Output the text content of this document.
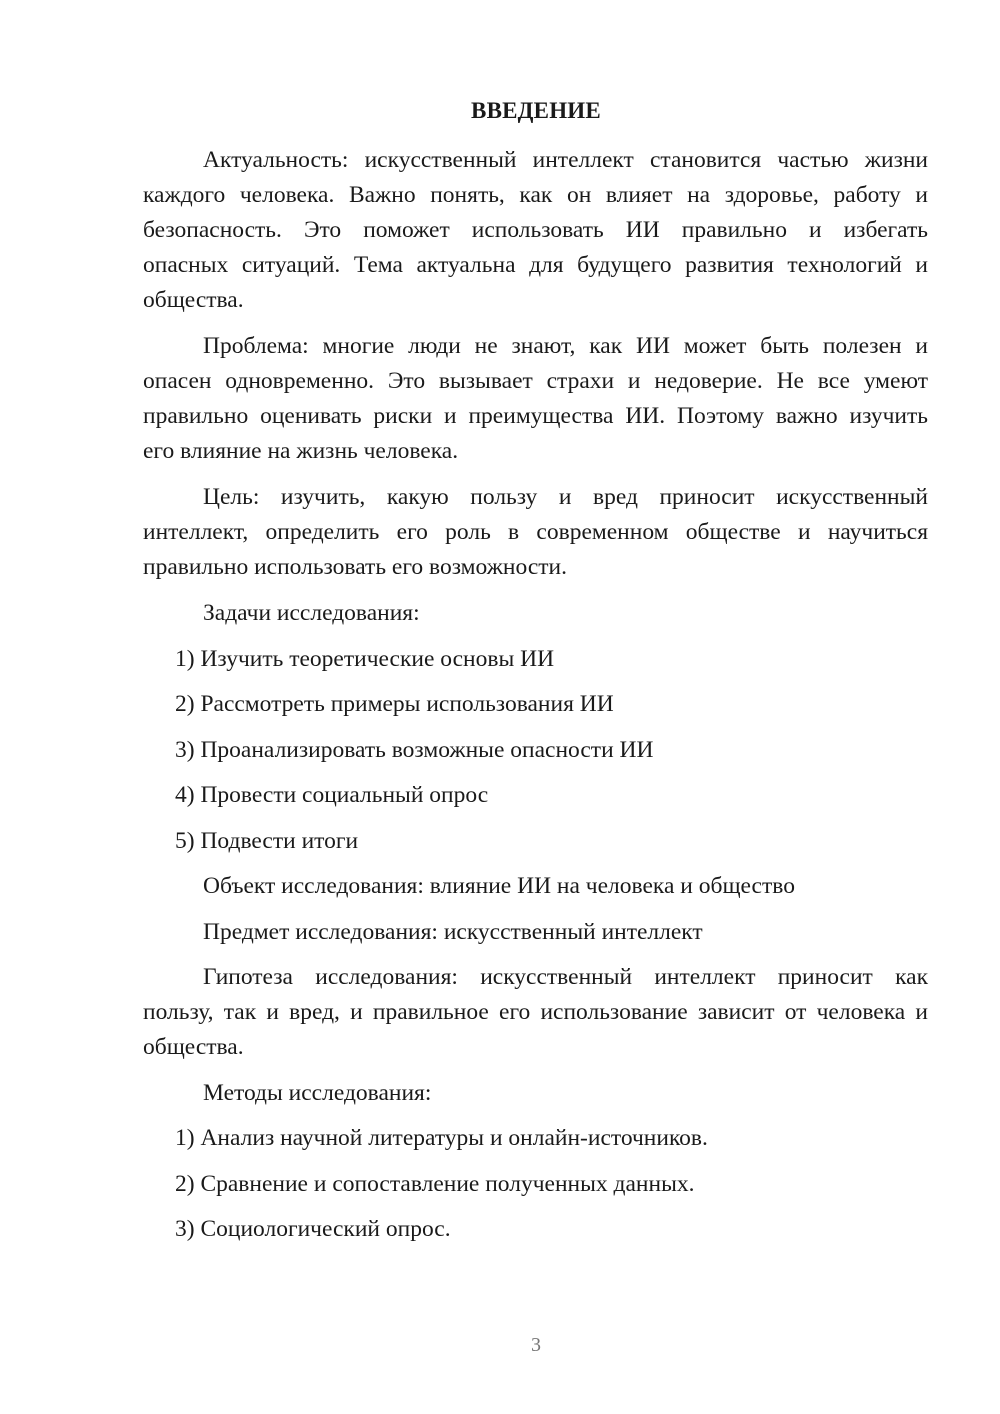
ВВЕДЕНИЕ
Актуальность: искусственный интеллект становится частью жизни
каждого человека. Важно понять, как он влияет на здоровье, работу и
безопасность. Это поможет использовать ИИ правильно и избегать
опасных ситуаций. Тема актуальна для будущего развития технологий и
общества.
Проблема: многие люди не знают, как ИИ может быть полезен и
опасен одновременно. Это вызывает страхи и недоверие. Не все умеют
правильно оценивать риски и преимущества ИИ. Поэтому важно изучить
его влияние на жизнь человека.
Цель: изучить, какую пользу и вред приносит искусственный
интеллект, определить его роль в современном обществе и научиться
правильно использовать его возможности.
Задачи исследования:
1) Изучить теоретические основы ИИ
2) Рассмотреть примеры использования ИИ
3) Проанализировать возможные опасности ИИ
4) Провести социальный опрос
5) Подвести итоги
Объект исследования: влияние ИИ на человека и общество
Предмет исследования: искусственный интеллект
Гипотеза исследования: искусственный интеллект приносит как
пользу, так и вред, и правильное его использование зависит от человека и
общества.
Методы исследования:
1) Анализ научной литературы и онлайн-источников.
2) Сравнение и сопоставление полученных данных.
3) Социологический опрос.
3
